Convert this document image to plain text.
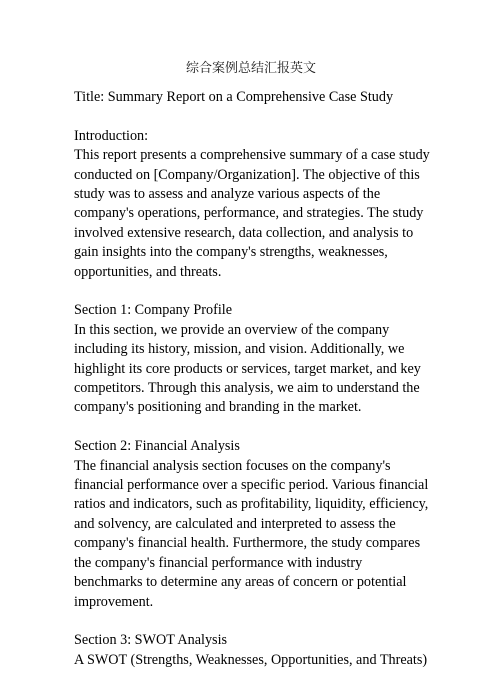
综合案例总结汇报英文

Title: Summary Report on a Comprehensive Case Study

Introduction:
This report presents a comprehensive summary of a case study conducted on [Company/Organization]. The objective of this study was to assess and analyze various aspects of the company's operations, performance, and strategies. The study involved extensive research, data collection, and analysis to gain insights into the company's strengths, weaknesses, opportunities, and threats.
Section 1: Company Profile
In this section, we provide an overview of the company including its history, mission, and vision. Additionally, we highlight its core products or services, target market, and key competitors. Through this analysis, we aim to understand the company's positioning and branding in the market.
Section 2: Financial Analysis
The financial analysis section focuses on the company's financial performance over a specific period. Various financial ratios and indicators, such as profitability, liquidity, efficiency, and solvency, are calculated and interpreted to assess the company's financial health. Furthermore, the study compares the company's financial performance with industry benchmarks to determine any areas of concern or potential improvement.
Section 3: SWOT Analysis
A SWOT (Strengths, Weaknesses, Opportunities, and Threats)
